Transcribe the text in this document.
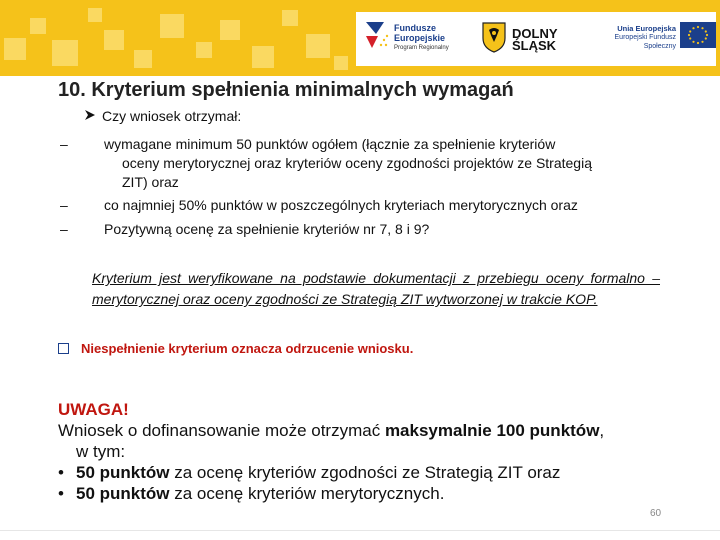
Fundusze
Europejskie
Program Regionalny
DOLNY
ŚLĄSK
Unia Europejska
Europejski Fundusz Społeczny
10. Kryterium spełnienia minimalnych wymagań
Czy wniosek otrzymał:
–	wymagane minimum 50 punktów ogółem (łącznie za spełnienie kryteriów
oceny merytorycznej oraz kryteriów oceny zgodności projektów ze Strategią
ZIT) oraz
–	co najmniej 50% punktów w poszczególnych kryteriach merytorycznych oraz
–	Pozytywną ocenę za spełnienie kryteriów nr 7, 8 i 9?
Kryterium jest weryfikowane na podstawie dokumentacji z przebiegu oceny formalno – merytorycznej oraz oceny zgodności ze Strategią ZIT wytworzonej w trakcie KOP.
Niespełnienie kryterium oznacza odrzucenie wniosku.
UWAGA!
Wniosek o dofinansowanie może otrzymać maksymalnie 100 punktów,
w tym:
• 50 punktów za ocenę kryteriów zgodności ze Strategią ZIT oraz
• 50 punktów za ocenę kryteriów merytorycznych.
60
